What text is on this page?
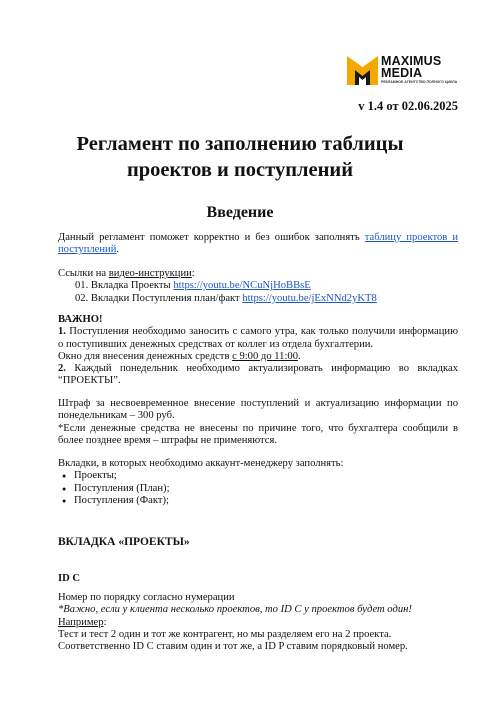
MAXIMUS
MEDIA
РЕКЛАМНОЕ АГЕНТСТВО ПОЛНОГО ЦИКЛА
v 1.4 от 02.06.2025
Регламент по заполнению таблицы
проектов и поступлений
Введение
Данный регламент поможет корректно и без ошибок заполнять таблицу проектов и поступлений.
Ссылки на видео-инструкции:
01. Вкладка Проекты https://youtu.be/NCuNjHoBBsE
02. Вкладки Поступления план/факт https://youtu.be/jExNNd2yKT8
ВАЖНО!
1. Поступления необходимо заносить с самого утра, как только получили информацию о поступивших денежных средствах от коллег из отдела бухгалтерии.
Окно для внесения денежных средств с 9:00 до 11:00.
2. Каждый понедельник необходимо актуализировать информацию во вкладках “ПРОЕКТЫ”.
Штраф за несвоевременное внесение поступлений и актуализацию информации по понедельникам – 300 руб.
*Если денежные средства не внесены по причине того, что бухгалтера сообщили в более позднее время – штрафы не применяются.
Вкладки, в которых необходимо аккаунт-менеджеру заполнять:
● Проекты;
● Поступления (План);
● Поступления (Факт);
ВКЛАДКА «ПРОЕКТЫ»
ID C
Номер по порядку согласно нумерации
*Важно, если у клиента несколько проектов, то ID C у проектов будет один!
Например:
Тест и тест 2 один и тот же контрагент, но мы разделяем его на 2 проекта.
Соответственно ID C ставим один и тот же, а ID P ставим порядковый номер.
